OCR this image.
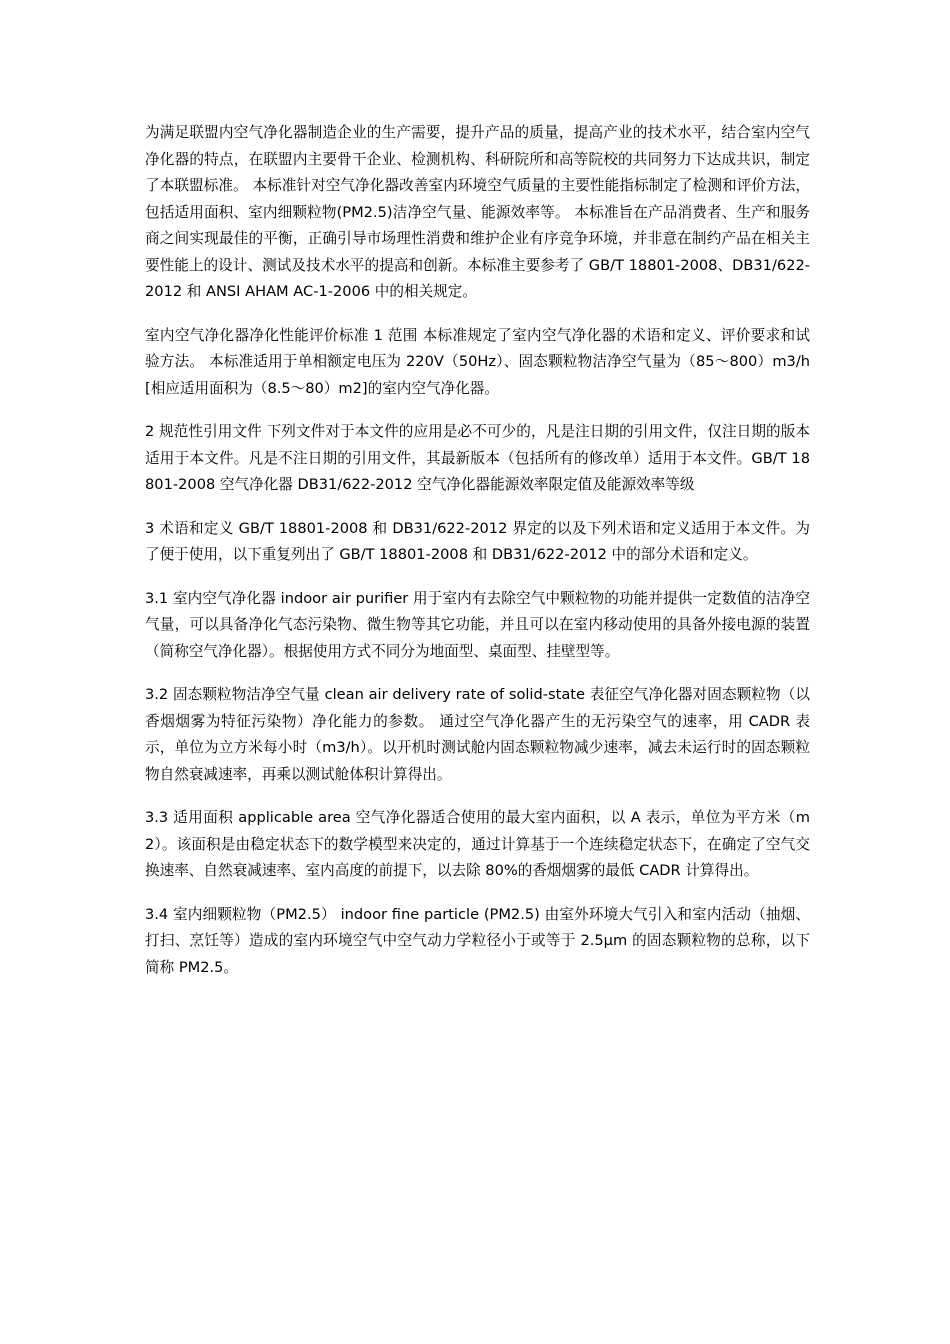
为满足联盟内空气净化器制造企业的生产需要，提升产品的质量，提高产业的技术水平，结合室内空气净化器的特点，在联盟内主要骨干企业、检测机构、科研院所和高等院校的共同努力下达成共识，制定了本联盟标准。 本标准针对空气净化器改善室内环境空气质量的主要性能指标制定了检测和评价方法，包括适用面积、室内细颗粒物(PM2.5)洁净空气量、能源效率等。 本标准旨在产品消费者、生产和服务商之间实现最佳的平衡，正确引导市场理性消费和维护企业有序竞争环境，并非意在制约产品在相关主要性能上的设计、测试及技术水平的提高和创新。本标准主要参考了 GB/T 18801-2008、DB31/622-2012 和 ANSI AHAM AC-1-2006 中的相关规定。

室内空气净化器净化性能评价标准 1 范围 本标准规定了室内空气净化器的术语和定义、评价要求和试验方法。 本标准适用于单相额定电压为 220V（50Hz）、固态颗粒物洁净空气量为（85～800）m3/h[相应适用面积为（8.5～80）m2]的室内空气净化器。

2 规范性引用文件 下列文件对于本文件的应用是必不可少的，凡是注日期的引用文件，仅注日期的版本适用于本文件。凡是不注日期的引用文件，其最新版本（包括所有的修改单）适用于本文件。GB/T 18801-2008 空气净化器 DB31/622-2012 空气净化器能源效率限定值及能源效率等级

3 术语和定义 GB/T 18801-2008 和 DB31/622-2012 界定的以及下列术语和定义适用于本文件。为了便于使用，以下重复列出了 GB/T 18801-2008 和 DB31/622-2012 中的部分术语和定义。

3.1 室内空气净化器 indoor air purifier 用于室内有去除空气中颗粒物的功能并提供一定数值的洁净空气量，可以具备净化气态污染物、微生物等其它功能，并且可以在室内移动使用的具备外接电源的装置（简称空气净化器）。根据使用方式不同分为地面型、桌面型、挂壁型等。

3.2 固态颗粒物洁净空气量 clean air delivery rate of solid-state 表征空气净化器对固态颗粒物（以香烟烟雾为特征污染物）净化能力的参数。 通过空气净化器产生的无污染空气的速率，用 CADR 表示，单位为立方米每小时（m3/h）。以开机时测试舱内固态颗粒物减少速率，减去未运行时的固态颗粒物自然衰减速率，再乘以测试舱体积计算得出。

3.3 适用面积 applicable area 空气净化器适合使用的最大室内面积，以 A 表示，单位为平方米（m2）。该面积是由稳定状态下的数学模型来决定的，通过计算基于一个连续稳定状态下，在确定了空气交换速率、自然衰减速率、室内高度的前提下，以去除 80%的香烟烟雾的最低 CADR 计算得出。

3.4 室内细颗粒物（PM2.5） indoor fine particle (PM2.5) 由室外环境大气引入和室内活动（抽烟、打扫、烹饪等）造成的室内环境空气中空气动力学粒径小于或等于 2.5μm 的固态颗粒物的总称，以下简称 PM2.5。
